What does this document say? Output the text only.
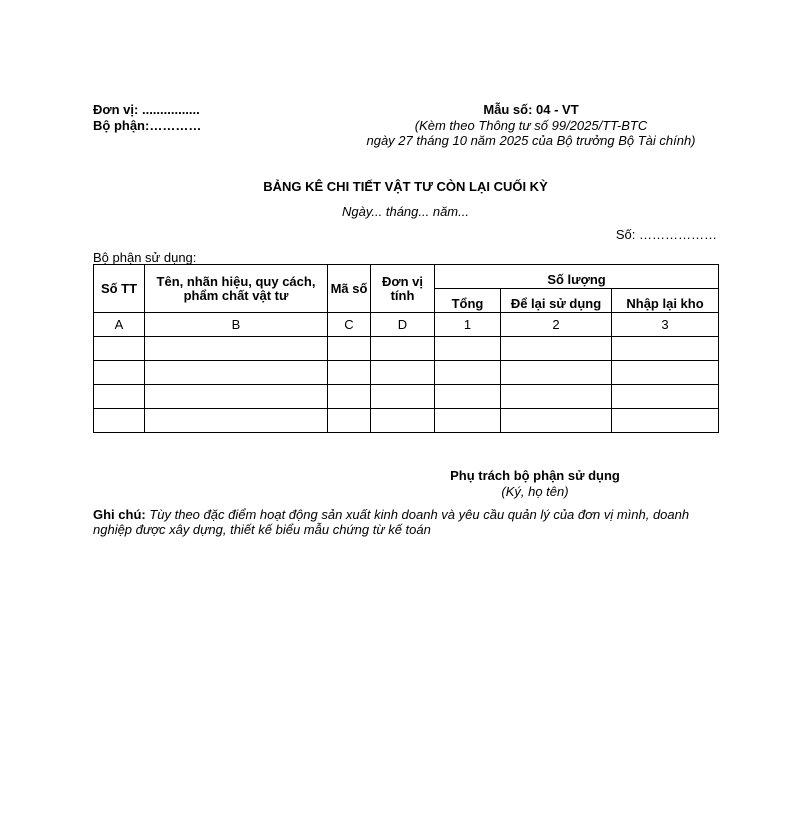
Đơn vị: ................
Bộ phận:…………
Mẫu số: 04 - VT
(Kèm theo Thông tư số 99/2025/TT-BTC
ngày 27 tháng 10 năm 2025 của Bộ trưởng Bộ Tài chính)
BẢNG KÊ CHI TIẾT VẬT TƯ CÒN LẠI CUỐI KỲ
Ngày... tháng... năm...
Số: ………………
Bộ phận sử dụng:
Số TT	Tên, nhãn hiệu, quy cách, phẩm chất vật tư	Mã số	Đơn vị tính	Số lượng		
				Tổng	Để lại sử dụng	Nhập lại kho
A	B	C	D	1	2	3

Phụ trách bộ phận sử dụng
(Ký, họ tên)
Ghi chú: Tùy theo đặc điểm hoạt động sản xuất kinh doanh và yêu cầu quản lý của đơn vị mình, doanh nghiệp được xây dựng, thiết kế biểu mẫu chứng từ kế toán
